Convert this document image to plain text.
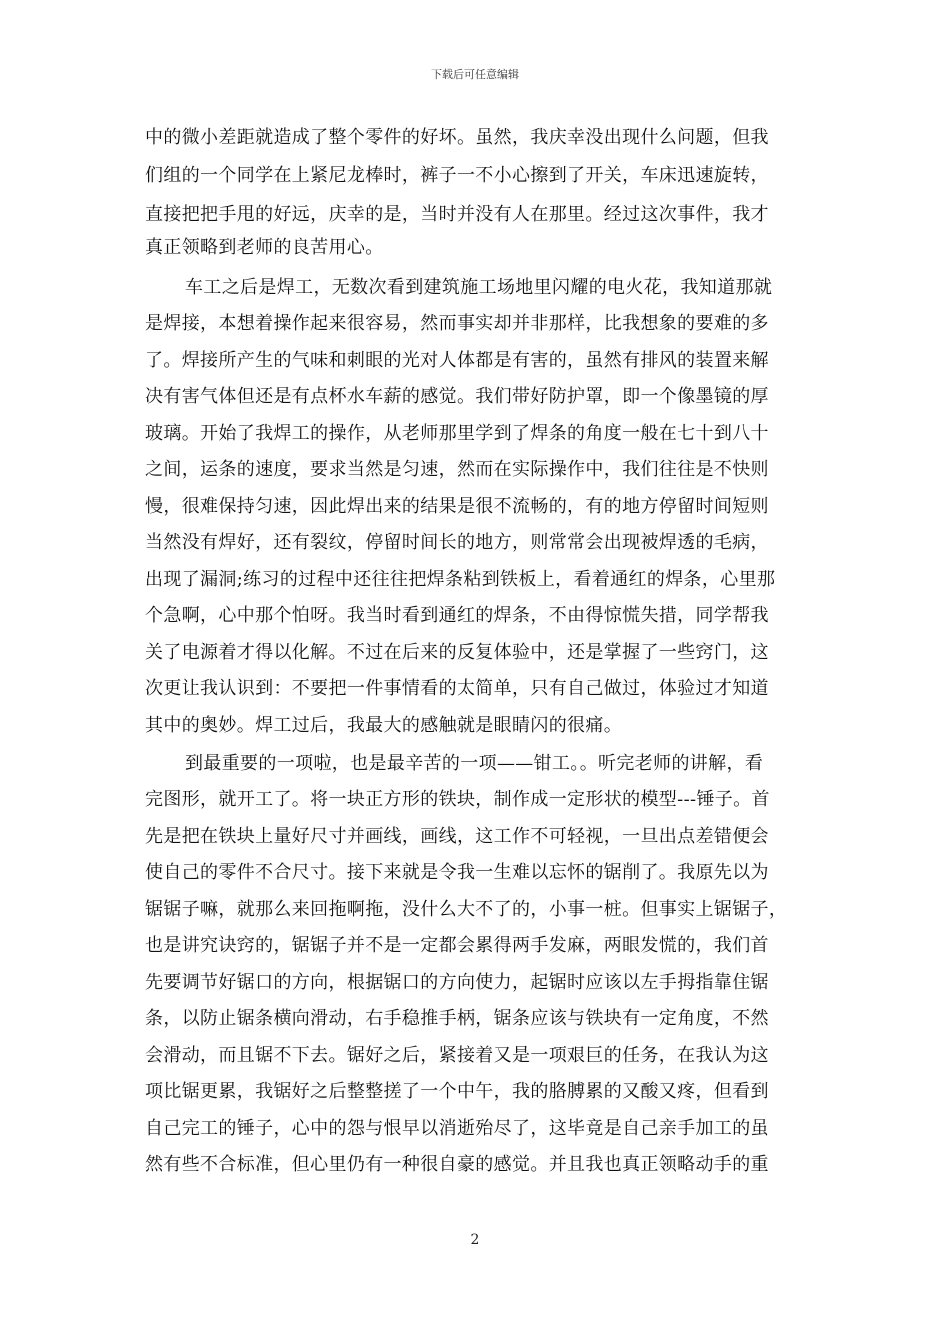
下载后可任意编辑
中的微小差距就造成了整个零件的好坏。虽然，我庆幸没出现什么问题，但我
们组的一个同学在上紧尼龙棒时，裤子一不小心擦到了开关，车床迅速旋转，
直接把把手甩的好远，庆幸的是，当时并没有人在那里。经过这次事件，我才
真正领略到老师的良苦用心。
车工之后是焊工，无数次看到建筑施工场地里闪耀的电火花，我知道那就
是焊接，本想着操作起来很容易，然而事实却并非那样，比我想象的要难的多
了。焊接所产生的气味和刺眼的光对人体都是有害的，虽然有排风的装置来解
决有害气体但还是有点杯水车薪的感觉。我们带好防护罩，即一个像墨镜的厚
玻璃。开始了我焊工的操作，从老师那里学到了焊条的角度一般在七十到八十
之间，运条的速度，要求当然是匀速，然而在实际操作中，我们往往是不快则
慢，很难保持匀速，因此焊出来的结果是很不流畅的，有的地方停留时间短则
当然没有焊好，还有裂纹，停留时间长的地方，则常常会出现被焊透的毛病，
出现了漏洞;练习的过程中还往往把焊条粘到铁板上，看着通红的焊条，心里那
个急啊，心中那个怕呀。我当时看到通红的焊条，不由得惊慌失措，同学帮我
关了电源着才得以化解。不过在后来的反复体验中，还是掌握了一些窍门，这
次更让我认识到：不要把一件事情看的太简单，只有自己做过，体验过才知道
其中的奥妙。焊工过后，我最大的感触就是眼睛闪的很痛。
到最重要的一项啦，也是最辛苦的一项——钳工。。听完老师的讲解，看
完图形，就开工了。将一块正方形的铁块，制作成一定形状的模型---锤子。首
先是把在铁块上量好尺寸并画线，画线，这工作不可轻视，一旦出点差错便会
使自己的零件不合尺寸。接下来就是令我一生难以忘怀的锯削了。我原先以为
锯锯子嘛，就那么来回拖啊拖，没什么大不了的，小事一桩。但事实上锯锯子，
也是讲究诀窍的，锯锯子并不是一定都会累得两手发麻，两眼发慌的，我们首
先要调节好锯口的方向，根据锯口的方向使力，起锯时应该以左手拇指靠住锯
条，以防止锯条横向滑动，右手稳推手柄，锯条应该与铁块有一定角度，不然
会滑动，而且锯不下去。锯好之后，紧接着又是一项艰巨的任务，在我认为这
项比锯更累，我锯好之后整整搓了一个中午，我的胳膊累的又酸又疼，但看到
自己完工的锤子，心中的怨与恨早以消逝殆尽了，这毕竟是自己亲手加工的虽
然有些不合标准，但心里仍有一种很自豪的感觉。并且我也真正领略动手的重
2
